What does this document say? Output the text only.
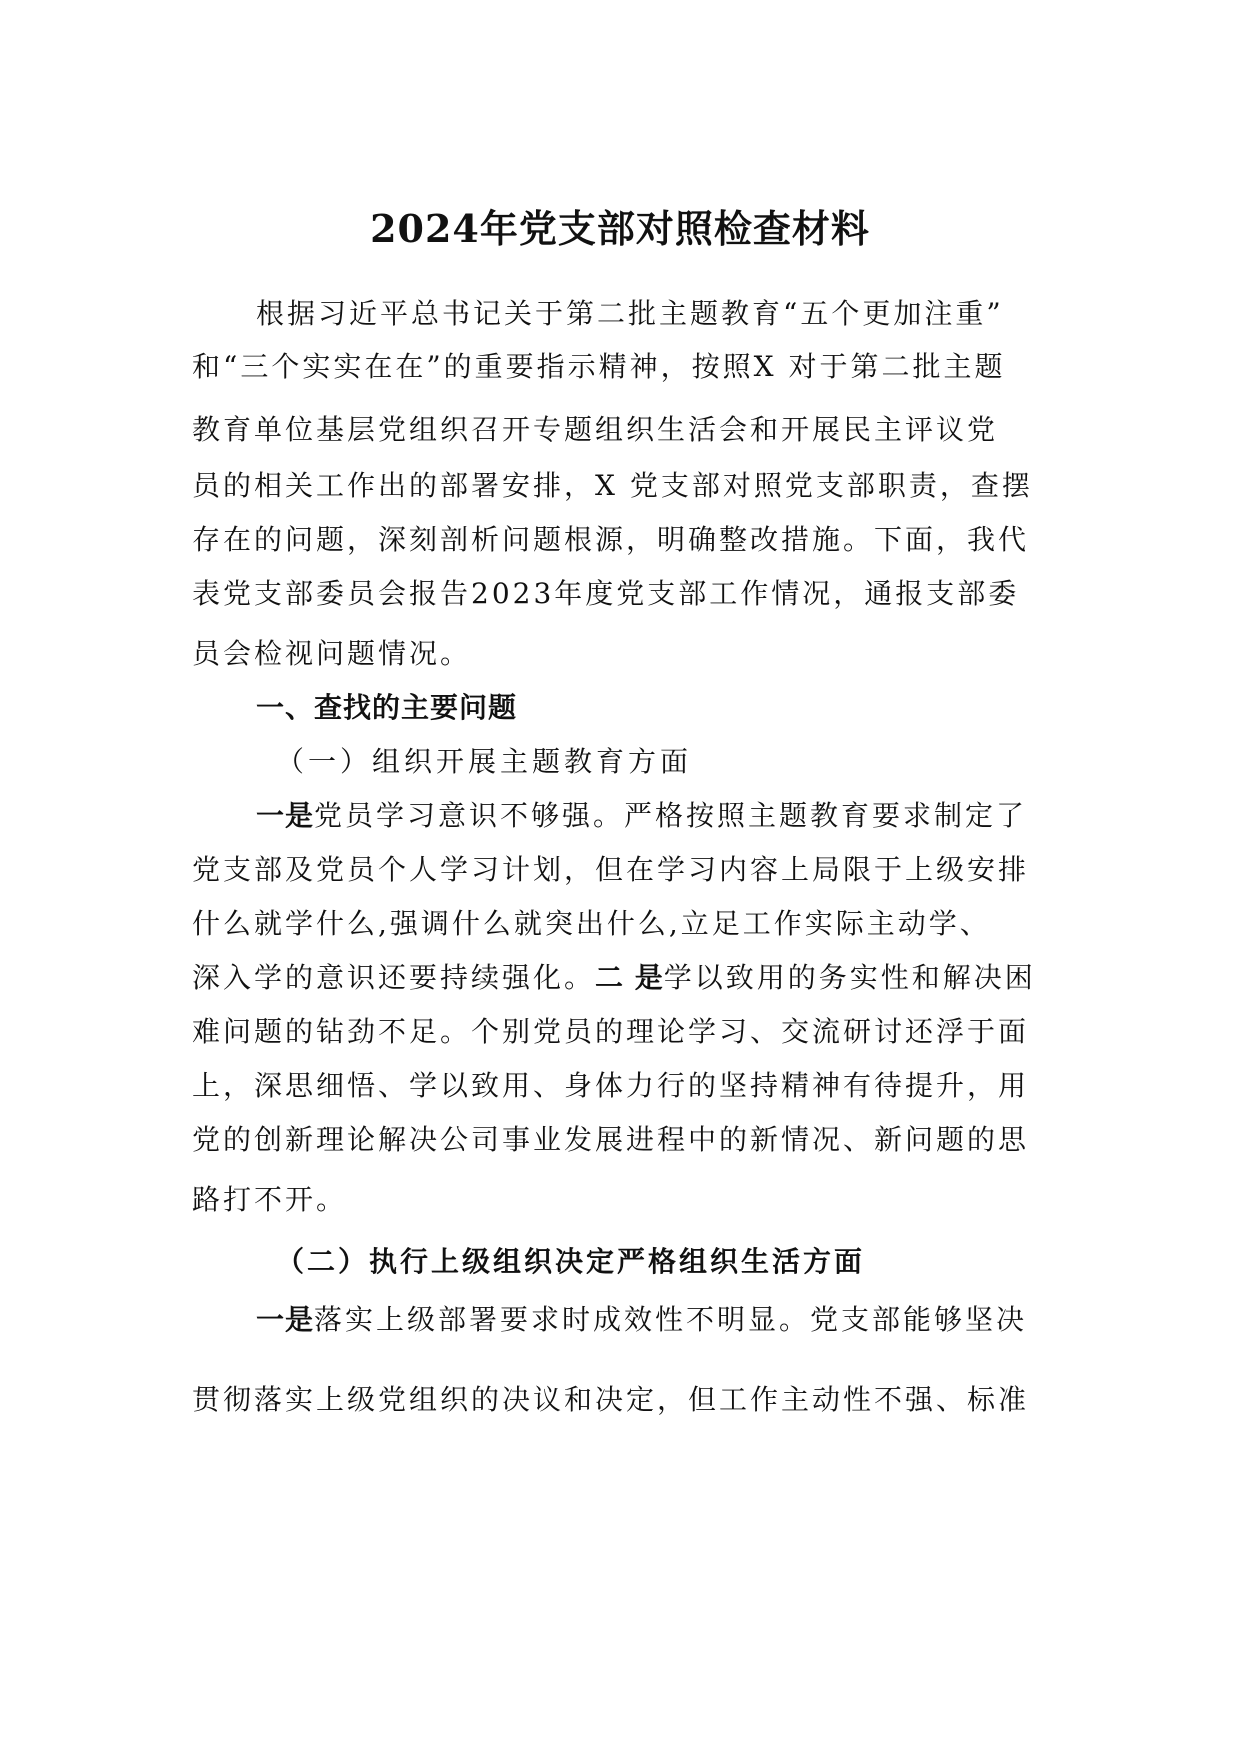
2024年党支部对照检查材料
根据习近平总书记关于第二批主题教育“五个更加注重”
和“三个实实在在”的重要指示精神，按照X 对于第二批主题
教育单位基层党组织召开专题组织生活会和开展民主评议党
员的相关工作出的部署安排，X 党支部对照党支部职责，查摆
存在的问题，深刻剖析问题根源，明确整改措施。下面，我代
表党支部委员会报告2023年度党支部工作情况，通报支部委
员会检视问题情况。
一、查找的主要问题
（一）组织开展主题教育方面
一是党员学习意识不够强。严格按照主题教育要求制定了
党支部及党员个人学习计划，但在学习内容上局限于上级安排
什么就学什么,强调什么就突出什么,立足工作实际主动学、
深入学的意识还要持续强化。二 是学以致用的务实性和解决困
难问题的钻劲不足。个别党员的理论学习、交流研讨还浮于面
上，深思细悟、学以致用、身体力行的坚持精神有待提升，用
党的创新理论解决公司事业发展进程中的新情况、新问题的思
路打不开。
（二）执行上级组织决定严格组织生活方面
一是落实上级部署要求时成效性不明显。党支部能够坚决
贯彻落实上级党组织的决议和决定，但工作主动性不强、标准
